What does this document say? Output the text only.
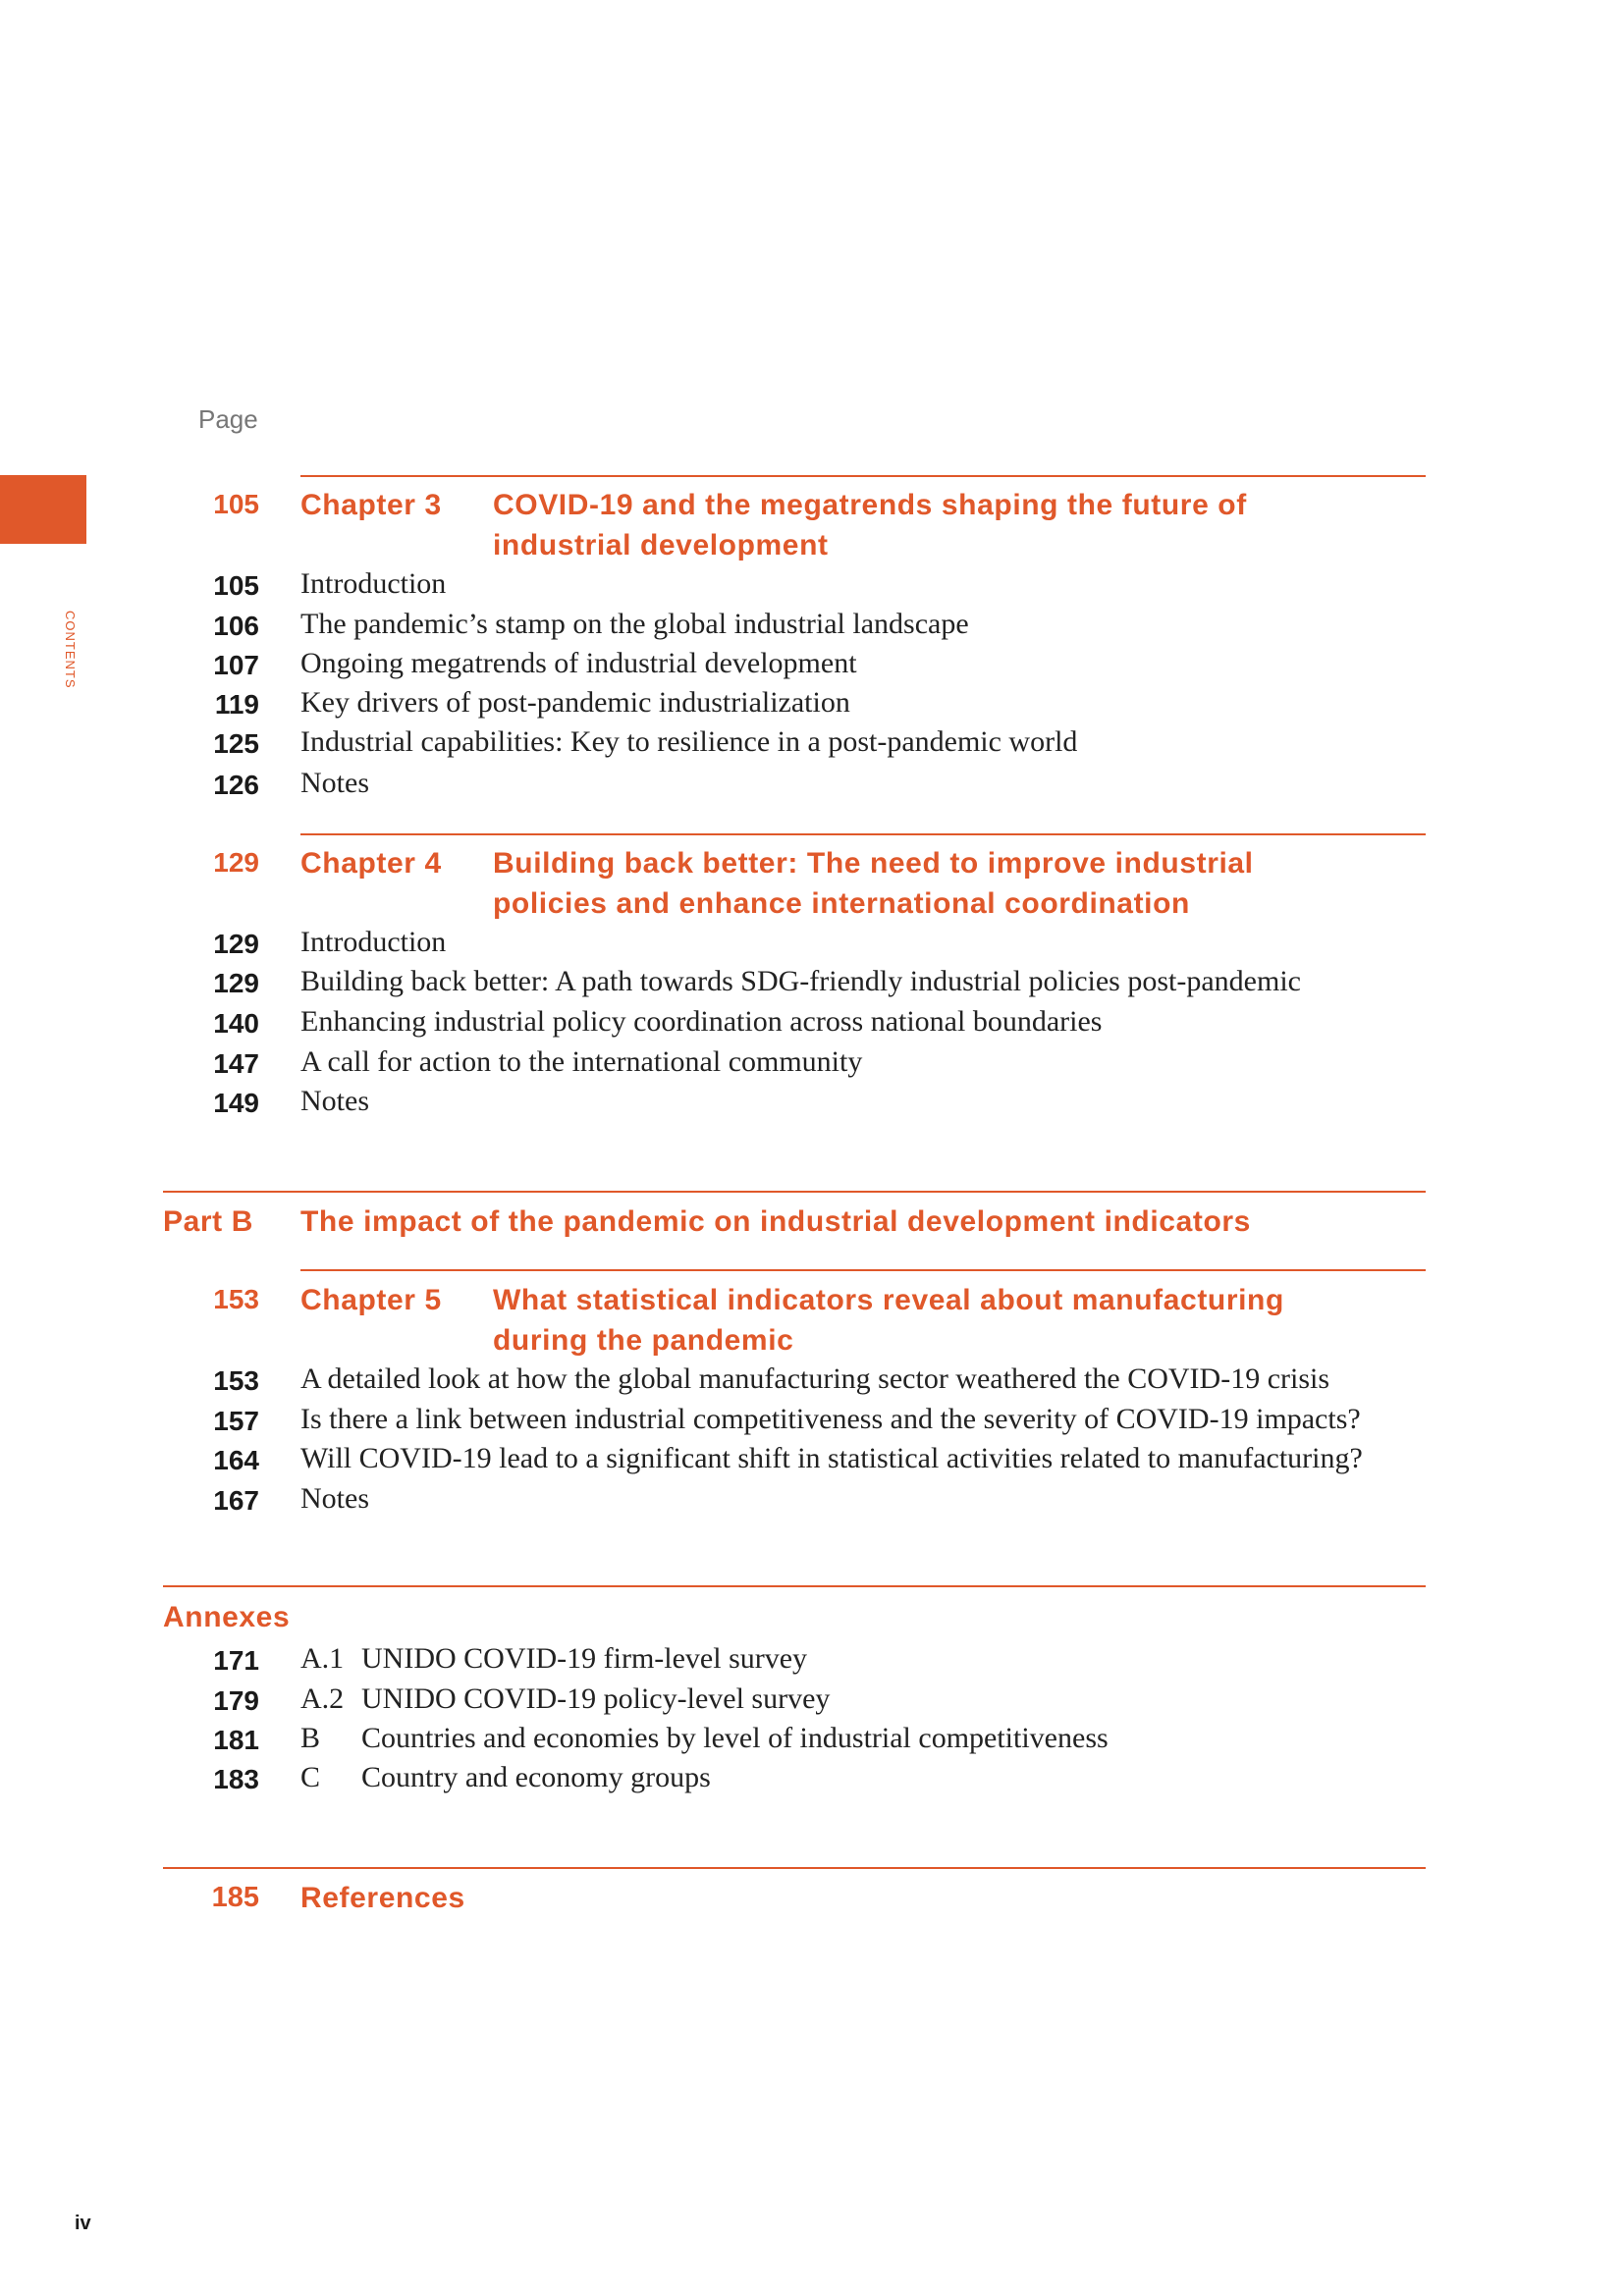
CONTENTS
Page
105 Chapter 3 COVID-19 and the megatrends shaping the future of
industrial development
105 Introduction
106 The pandemic’s stamp on the global industrial landscape
107 Ongoing megatrends of industrial development
119 Key drivers of post-pandemic industrialization
125 Industrial capabilities: Key to resilience in a post-pandemic world
126 Notes
129 Chapter 4 Building back better: The need to improve industrial
policies and enhance international coordination
129 Introduction
129 Building back better: A path towards SDG-friendly industrial policies post-pandemic
140 Enhancing industrial policy coordination across national boundaries
147 A call for action to the international community
149 Notes
Part B The impact of the pandemic on industrial development indicators
153 Chapter 5 What statistical indicators reveal about manufacturing
during the pandemic
153 A detailed look at how the global manufacturing sector weathered the COVID-19 crisis
157 Is there a link between industrial competitiveness and the severity of COVID-19 impacts?
164 Will COVID-19 lead to a significant shift in statistical activities related to manufacturing?
167 Notes
Annexes
171 A.1 UNIDO COVID-19 firm-level survey
179 A.2 UNIDO COVID-19 policy-level survey
181 B Countries and economies by level of industrial competitiveness
183 C Country and economy groups
185 References
iv
